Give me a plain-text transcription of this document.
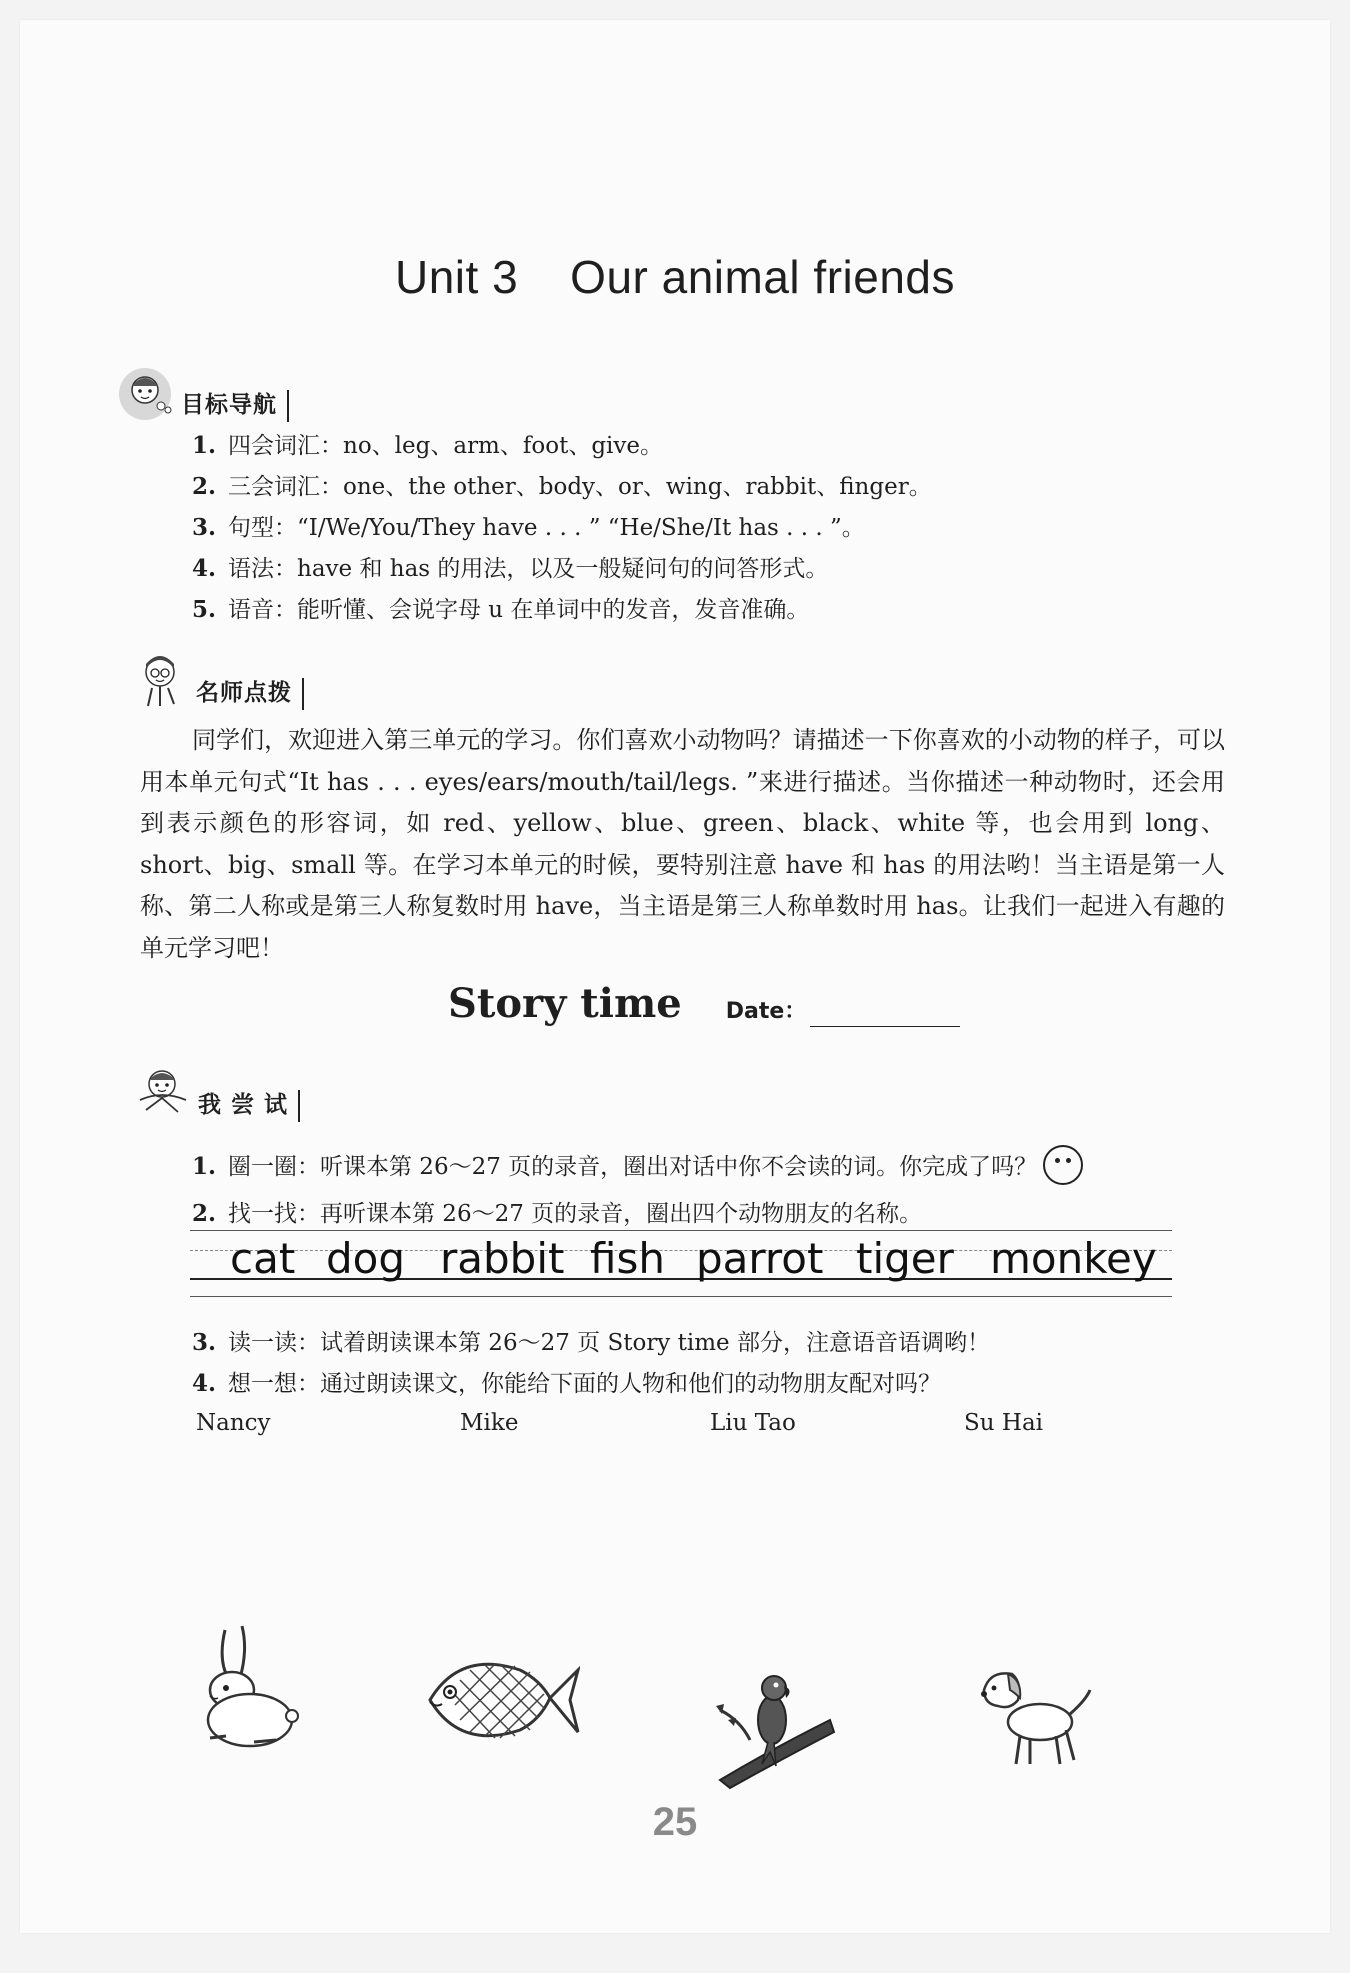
Unit 3 Our animal friends
目标导航
1. 四会词汇：no、leg、arm、foot、give。
2. 三会词汇：one、the other、body、or、wing、rabbit、finger。
3. 句型：“I/We/You/They have . . . ” “He/She/It has . . . ”。
4. 语法：have 和 has 的用法，以及一般疑问句的问答形式。
5. 语音：能听懂、会说字母 u 在单词中的发音，发音准确。
名师点拨
同学们，欢迎进入第三单元的学习。你们喜欢小动物吗？请描述一下你喜欢的小动物的样子，可以用本单元句式“It has . . . eyes/ears/mouth/tail/legs. ”来进行描述。当你描述一种动物时，还会用到表示颜色的形容词，如 red、yellow、blue、green、black、white 等，也会用到 long、short、big、small 等。在学习本单元的时候，要特别注意 have 和 has 的用法哟！当主语是第一人称、第二人称或是第三人称复数时用 have，当主语是第三人称单数时用 has。让我们一起进入有趣的单元学习吧！
Story time Date：
我 尝 试
1. 圈一圈：听课本第 26～27 页的录音，圈出对话中你不会读的词。你完成了吗？
2. 找一找：再听课本第 26～27 页的录音，圈出四个动物朋友的名称。
cat dog rabbit fish parrot tiger monkey
3. 读一读：试着朗读课本第 26～27 页 Story time 部分，注意语音语调哟！
4. 想一想：通过朗读课文，你能给下面的人物和他们的动物朋友配对吗？
Nancy	Mike	Liu Tao	Su Hai
25
